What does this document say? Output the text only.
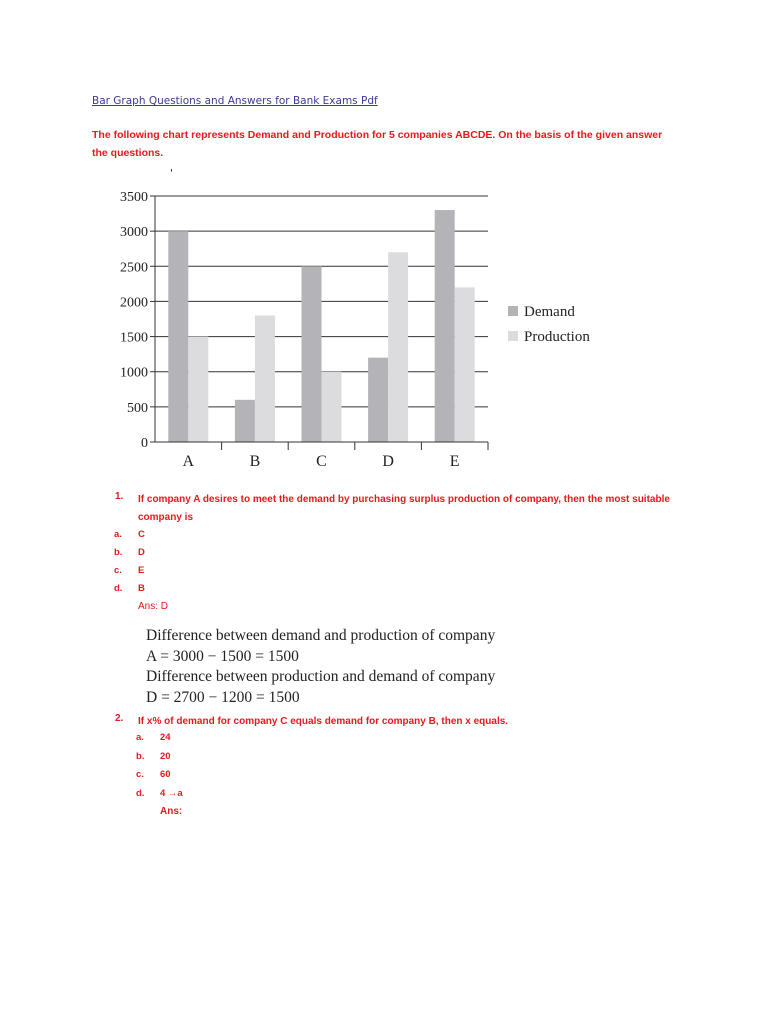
Bar Graph Questions and Answers for Bank Exams Pdf
The following chart represents Demand and Production for 5 companies ABCDE. On the basis of the given answer the questions.
'
0
500
1000
1500
2000
2500
3000
3500
A	B	C	D	E
Demand
Production
1. If company A desires to meet the demand by purchasing surplus production of company, then the most suitable company is
a. C
b. D
c. E
d. B
Ans: D
Difference between demand and production of company
A = 3000 − 1500 = 1500
Difference between production and demand of company
D = 2700 − 1200 = 1500
2. If x% of demand for company C equals demand for company B, then x equals.
a. 24
b. 20
c. 60
d. 4 →a
Ans:
